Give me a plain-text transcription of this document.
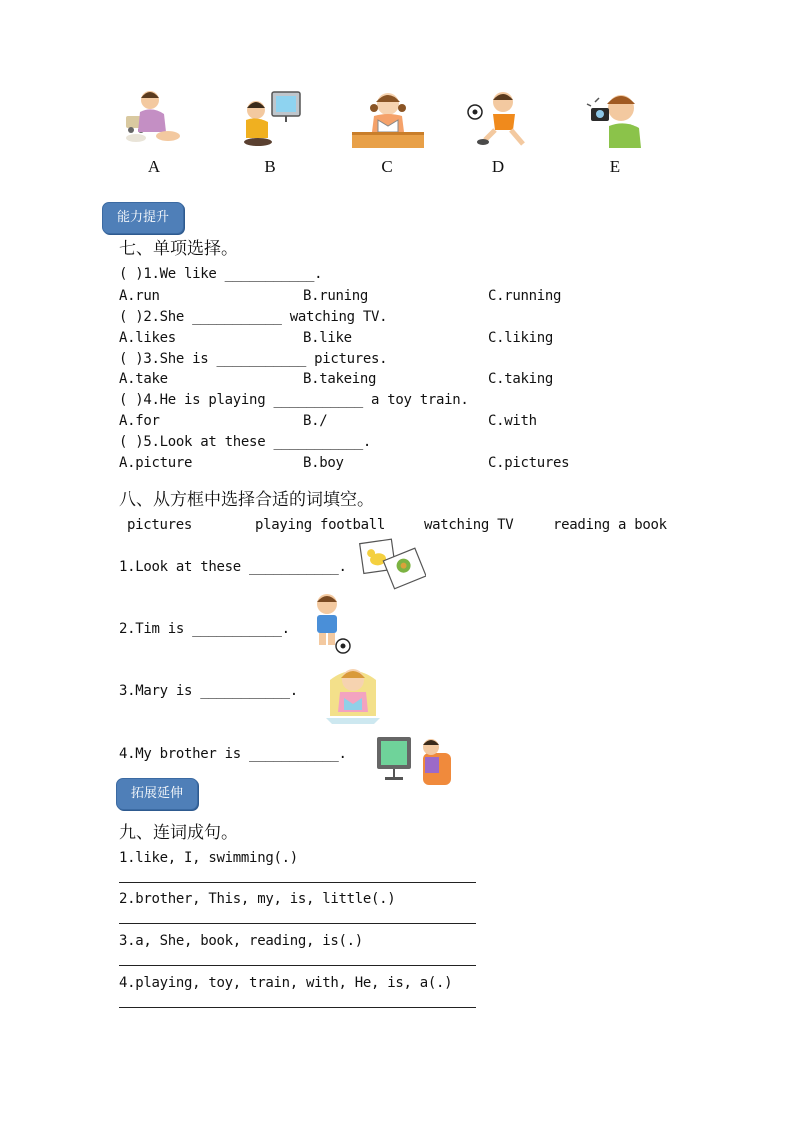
A	B	C	D	E
能力提升
七、单项选择。
( )1.We like ___________.
A.run	B.runing	C.running
( )2.She ___________ watching TV.
A.likes	B.like	C.liking
( )3.She is ___________ pictures.
A.take	B.takeing	C.taking
( )4.He is playing ___________ a toy train.
A.for	B./	C.with
( )5.Look at these ___________.
A.picture	B.boy	C.pictures
八、从方框中选择合适的词填空。
pictures	playing football	watching TV	reading a book
1.Look at these ___________.
2.Tim is ___________.
3.Mary is ___________.
4.My brother is ___________.
拓展延伸
九、连词成句。
1.like, I, swimming(.)
2.brother, This, my, is, little(.)
3.a, She, book, reading, is(.)
4.playing, toy, train, with, He, is, a(.)
